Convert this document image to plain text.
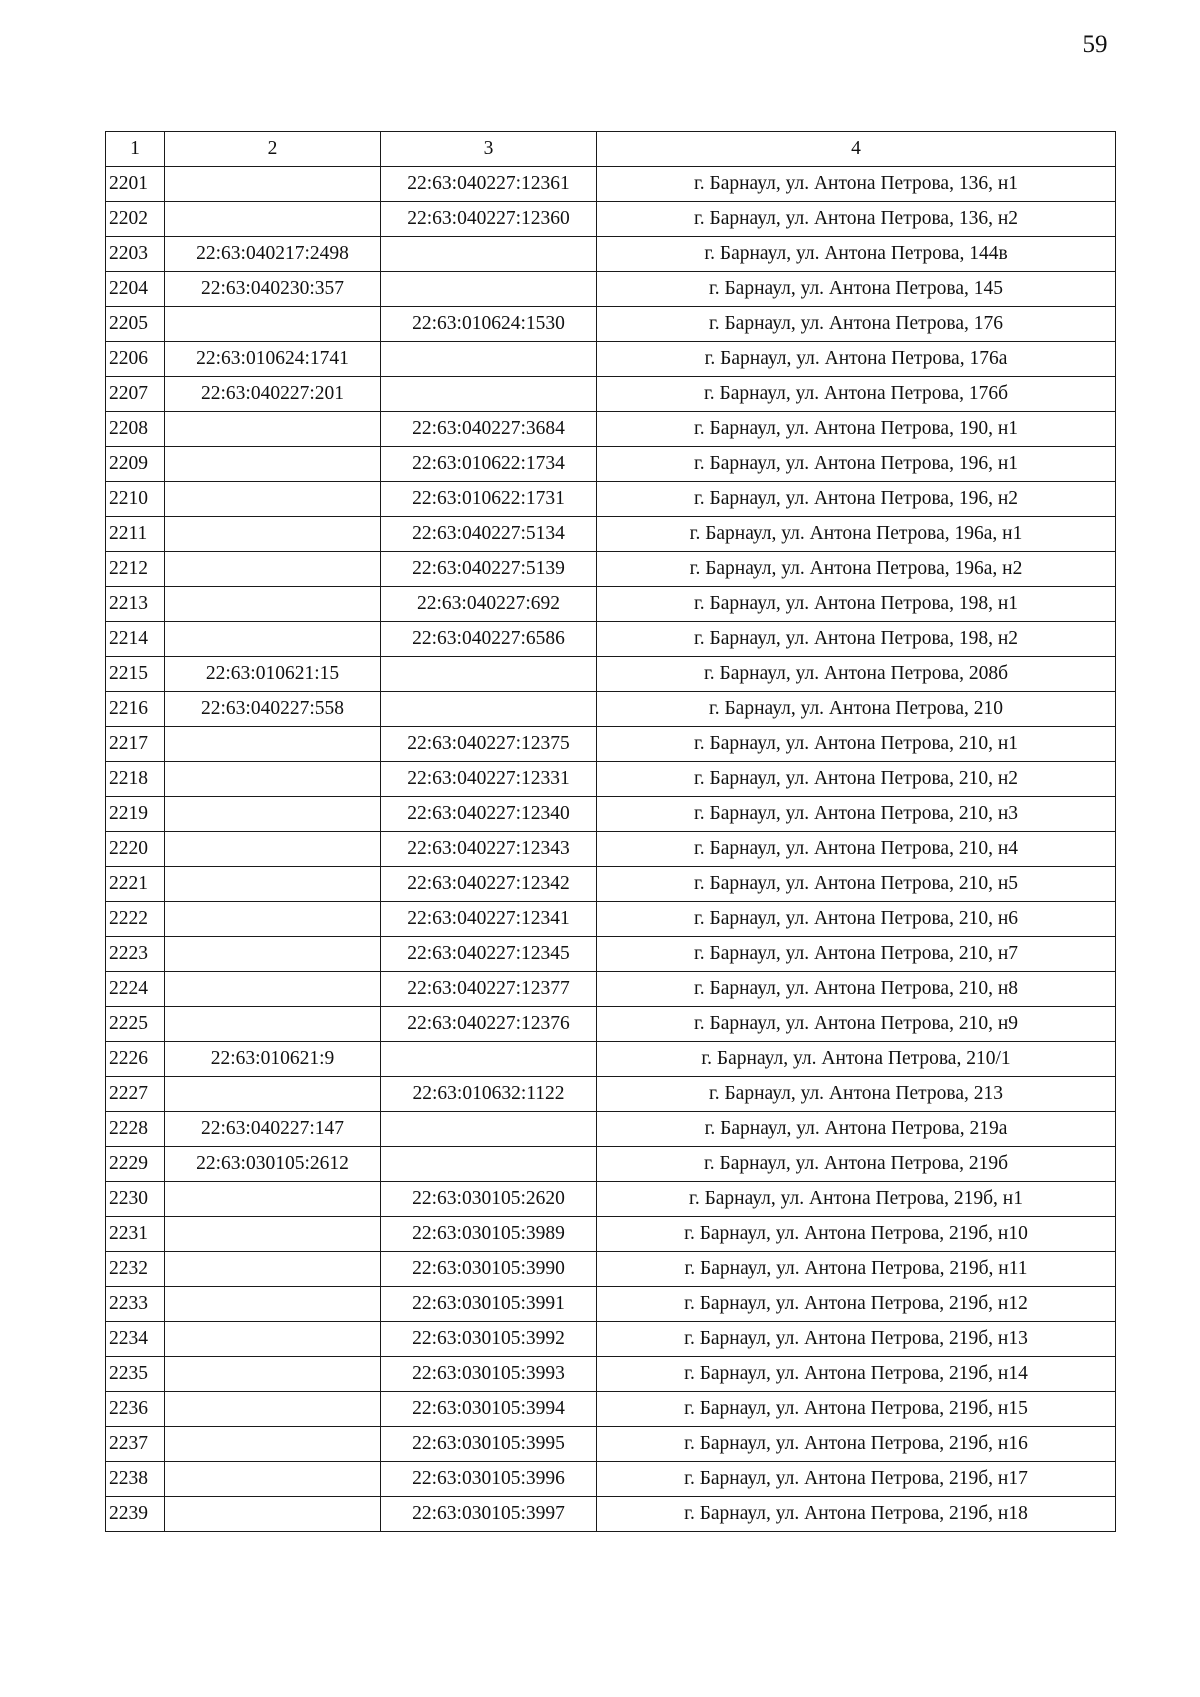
59
1	2	3	4
2201		22:63:040227:12361	г. Барнаул, ул. Антона Петрова, 136, н1
2202		22:63:040227:12360	г. Барнаул, ул. Антона Петрова, 136, н2
2203	22:63:040217:2498		г. Барнаул, ул. Антона Петрова, 144в
2204	22:63:040230:357		г. Барнаул, ул. Антона Петрова, 145
2205		22:63:010624:1530	г. Барнаул, ул. Антона Петрова, 176
2206	22:63:010624:1741		г. Барнаул, ул. Антона Петрова, 176а
2207	22:63:040227:201		г. Барнаул, ул. Антона Петрова, 176б
2208		22:63:040227:3684	г. Барнаул, ул. Антона Петрова, 190, н1
2209		22:63:010622:1734	г. Барнаул, ул. Антона Петрова, 196, н1
2210		22:63:010622:1731	г. Барнаул, ул. Антона Петрова, 196, н2
2211		22:63:040227:5134	г. Барнаул, ул. Антона Петрова, 196а, н1
2212		22:63:040227:5139	г. Барнаул, ул. Антона Петрова, 196а, н2
2213		22:63:040227:692	г. Барнаул, ул. Антона Петрова, 198, н1
2214		22:63:040227:6586	г. Барнаул, ул. Антона Петрова, 198, н2
2215	22:63:010621:15		г. Барнаул, ул. Антона Петрова, 208б
2216	22:63:040227:558		г. Барнаул, ул. Антона Петрова, 210
2217		22:63:040227:12375	г. Барнаул, ул. Антона Петрова, 210, н1
2218		22:63:040227:12331	г. Барнаул, ул. Антона Петрова, 210, н2
2219		22:63:040227:12340	г. Барнаул, ул. Антона Петрова, 210, н3
2220		22:63:040227:12343	г. Барнаул, ул. Антона Петрова, 210, н4
2221		22:63:040227:12342	г. Барнаул, ул. Антона Петрова, 210, н5
2222		22:63:040227:12341	г. Барнаул, ул. Антона Петрова, 210, н6
2223		22:63:040227:12345	г. Барнаул, ул. Антона Петрова, 210, н7
2224		22:63:040227:12377	г. Барнаул, ул. Антона Петрова, 210, н8
2225		22:63:040227:12376	г. Барнаул, ул. Антона Петрова, 210, н9
2226	22:63:010621:9		г. Барнаул, ул. Антона Петрова, 210/1
2227		22:63:010632:1122	г. Барнаул, ул. Антона Петрова, 213
2228	22:63:040227:147		г. Барнаул, ул. Антона Петрова, 219а
2229	22:63:030105:2612		г. Барнаул, ул. Антона Петрова, 219б
2230		22:63:030105:2620	г. Барнаул, ул. Антона Петрова, 219б, н1
2231		22:63:030105:3989	г. Барнаул, ул. Антона Петрова, 219б, н10
2232		22:63:030105:3990	г. Барнаул, ул. Антона Петрова, 219б, н11
2233		22:63:030105:3991	г. Барнаул, ул. Антона Петрова, 219б, н12
2234		22:63:030105:3992	г. Барнаул, ул. Антона Петрова, 219б, н13
2235		22:63:030105:3993	г. Барнаул, ул. Антона Петрова, 219б, н14
2236		22:63:030105:3994	г. Барнаул, ул. Антона Петрова, 219б, н15
2237		22:63:030105:3995	г. Барнаул, ул. Антона Петрова, 219б, н16
2238		22:63:030105:3996	г. Барнаул, ул. Антона Петрова, 219б, н17
2239		22:63:030105:3997	г. Барнаул, ул. Антона Петрова, 219б, н18
